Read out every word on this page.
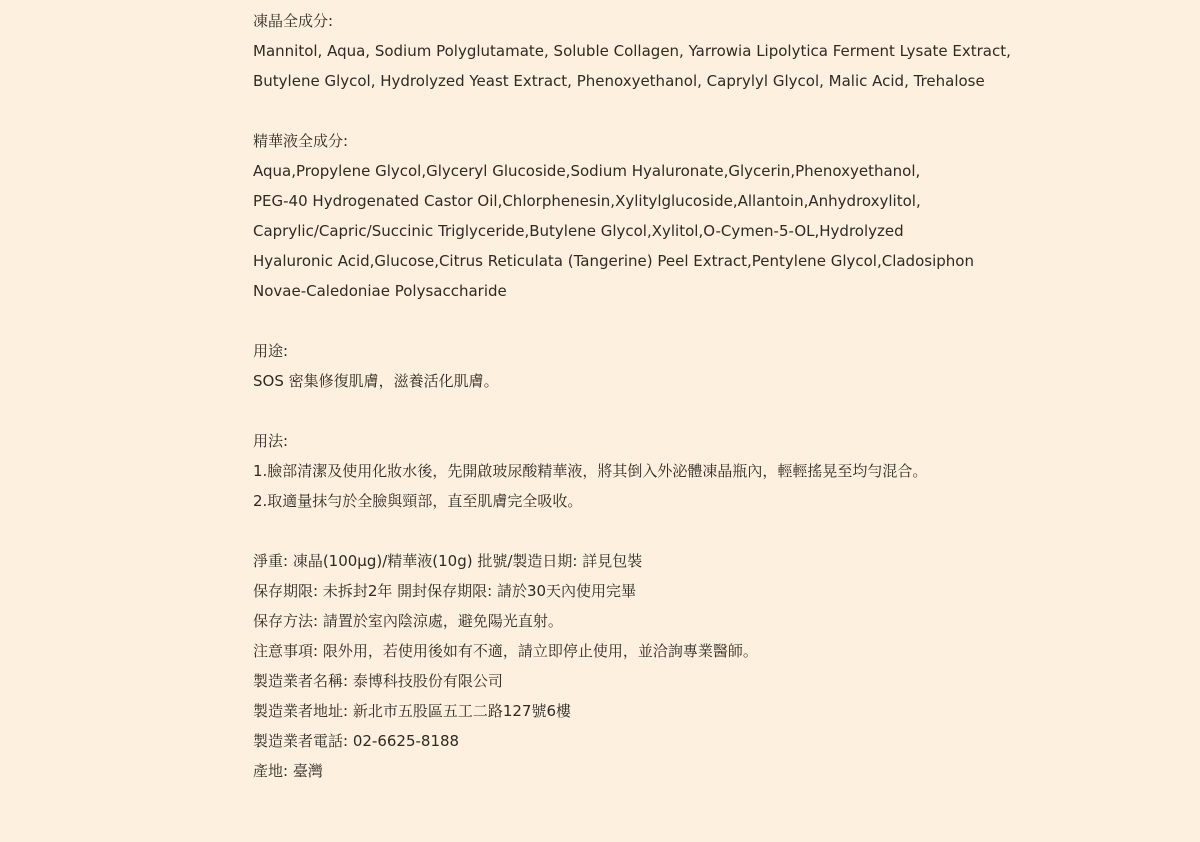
凍晶全成分:
Mannitol, Aqua, Sodium Polyglutamate, Soluble Collagen, Yarrowia Lipolytica Ferment Lysate Extract,
Butylene Glycol, Hydrolyzed Yeast Extract, Phenoxyethanol, Caprylyl Glycol, Malic Acid, Trehalose
精華液全成分:
Aqua,Propylene Glycol,Glyceryl Glucoside,Sodium Hyaluronate,Glycerin,Phenoxyethanol,
PEG-40 Hydrogenated Castor Oil,Chlorphenesin,Xylitylglucoside,Allantoin,Anhydroxylitol,
Caprylic/Capric/Succinic Triglyceride,Butylene Glycol,Xylitol,O-Cymen-5-OL,Hydrolyzed
Hyaluronic Acid,Glucose,Citrus Reticulata (Tangerine) Peel Extract,Pentylene Glycol,Cladosiphon
Novae-Caledoniae Polysaccharide
用途:
SOS 密集修復肌膚，滋養活化肌膚。
用法:
1.臉部清潔及使用化妝水後，先開啟玻尿酸精華液，將其倒入外泌體凍晶瓶內，輕輕搖晃至均勻混合。
2.取適量抹勻於全臉與頸部，直至肌膚完全吸收。
淨重: 凍晶(100μg)/精華液(10g) 批號/製造日期: 詳見包裝
保存期限: 未拆封2年 開封保存期限: 請於30天內使用完畢
保存方法: 請置於室內陰涼處，避免陽光直射。
注意事項: 限外用，若使用後如有不適，請立即停止使用，並洽詢專業醫師。
製造業者名稱: 泰博科技股份有限公司
製造業者地址: 新北市五股區五工二路127號6樓
製造業者電話: 02-6625-8188
產地: 臺灣
